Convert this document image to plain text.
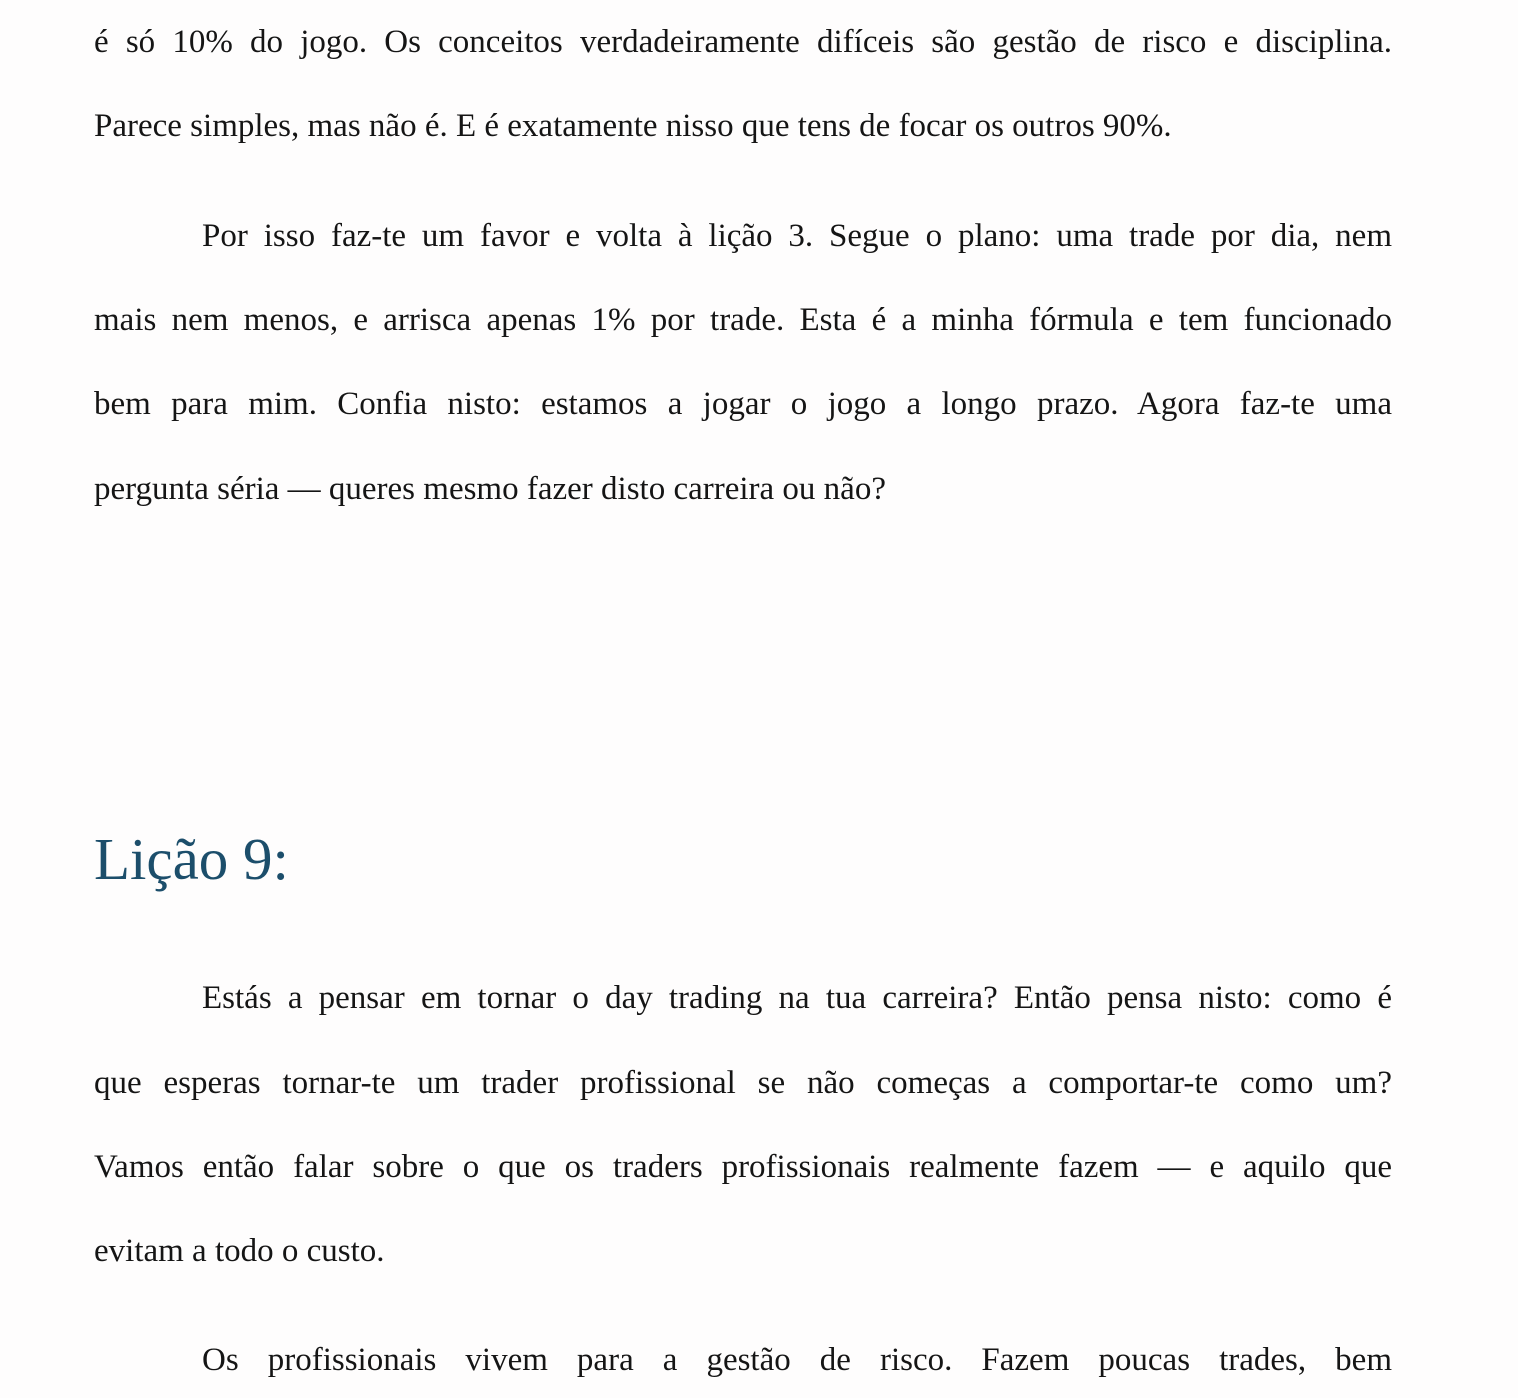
é só 10% do jogo. Os conceitos verdadeiramente difíceis são gestão de risco e disciplina.
Parece simples, mas não é. E é exatamente nisso que tens de focar os outros 90%.
Por isso faz-te um favor e volta à lição 3. Segue o plano: uma trade por dia, nem
mais nem menos, e arrisca apenas 1% por trade. Esta é a minha fórmula e tem funcionado
bem para mim. Confia nisto: estamos a jogar o jogo a longo prazo. Agora faz-te uma
pergunta séria — queres mesmo fazer disto carreira ou não?
Lição 9:
Estás a pensar em tornar o day trading na tua carreira? Então pensa nisto: como é
que esperas tornar-te um trader profissional se não começas a comportar-te como um?
Vamos então falar sobre o que os traders profissionais realmente fazem — e aquilo que
evitam a todo o custo.
Os profissionais vivem para a gestão de risco. Fazem poucas trades, bem
